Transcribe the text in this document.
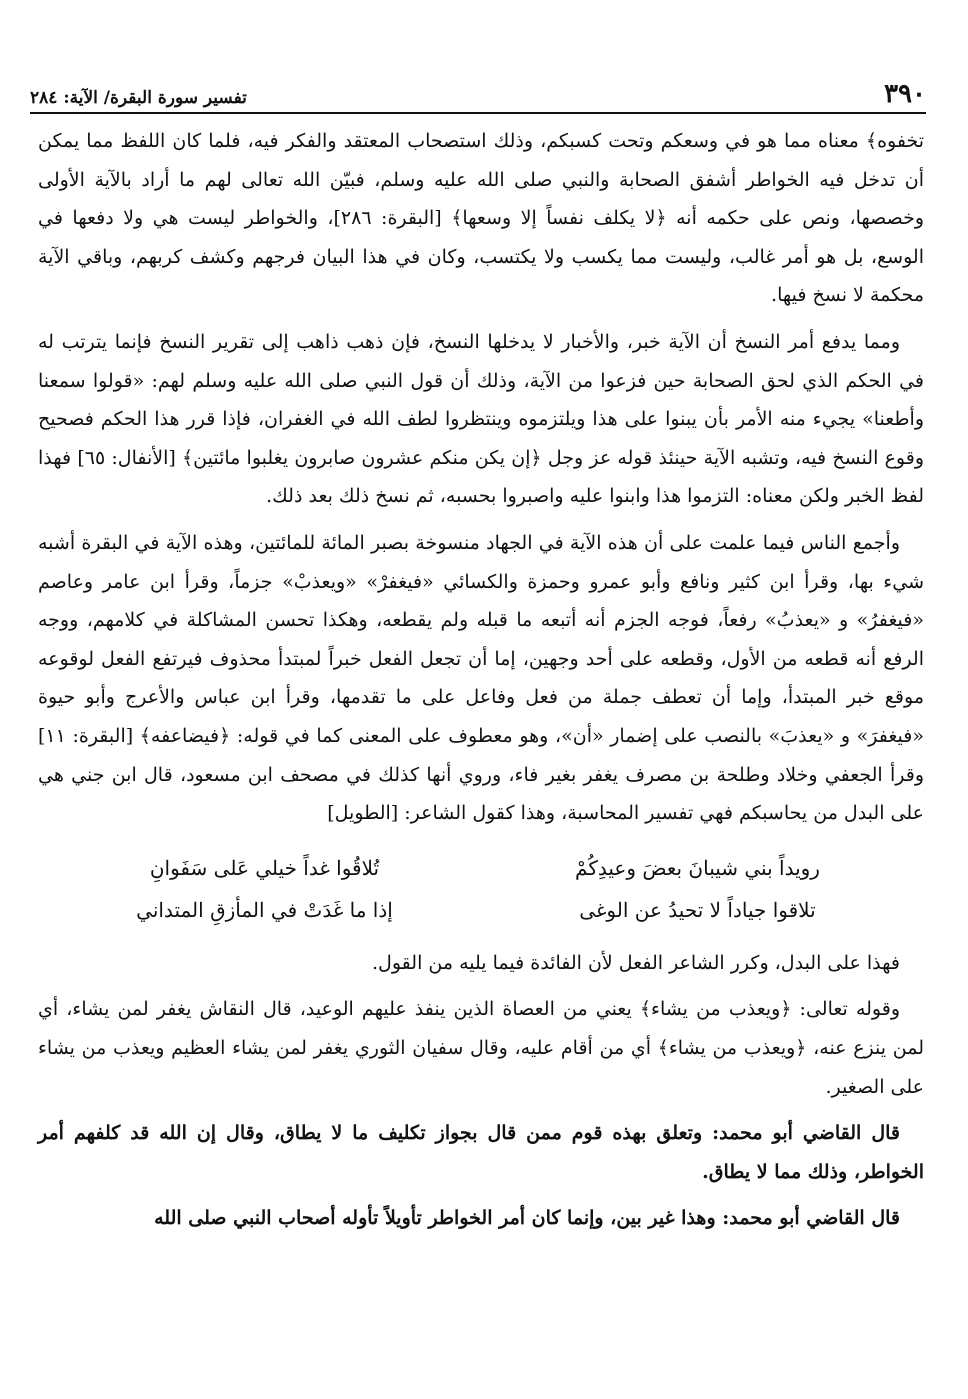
٣٩٠
تفسير سورة البقرة/ الآية: ٢٨٤

تخفوه﴾ معناه مما هو في وسعكم وتحت كسبكم، وذلك استصحاب المعتقد والفكر فيه، فلما كان اللفظ مما يمكن أن تدخل فيه الخواطر أشفق الصحابة والنبي صلى الله عليه وسلم، فبيّن الله تعالى لهم ما أراد بالآية الأولى وخصصها، ونص على حكمه أنه ﴿لا يكلف نفساً إلا وسعها﴾ [البقرة: ٢٨٦]، والخواطر ليست هي ولا دفعها في الوسع، بل هو أمر غالب، وليست مما يكسب ولا يكتسب، وكان في هذا البيان فرجهم وكشف كربهم، وباقي الآية محكمة لا نسخ فيها.

ومما يدفع أمر النسخ أن الآية خبر، والأخبار لا يدخلها النسخ، فإن ذهب ذاهب إلى تقرير النسخ فإنما يترتب له في الحكم الذي لحق الصحابة حين فزعوا من الآية، وذلك أن قول النبي صلى الله عليه وسلم لهم: «قولوا سمعنا وأطعنا» يجيء منه الأمر بأن يبنوا على هذا ويلتزموه وينتظروا لطف الله في الغفران، فإذا قرر هذا الحكم فصحيح وقوع النسخ فيه، وتشبه الآية حينئذ قوله عز وجل ﴿إن يكن منكم عشرون صابرون يغلبوا مائتين﴾ [الأنفال: ٦٥] فهذا لفظ الخبر ولكن معناه: التزموا هذا وابنوا عليه واصبروا بحسبه، ثم نسخ ذلك بعد ذلك.

وأجمع الناس فيما علمت على أن هذه الآية في الجهاد منسوخة بصبر المائة للمائتين، وهذه الآية في البقرة أشبه شيء بها، وقرأ ابن كثير ونافع وأبو عمرو وحمزة والكسائي «فيغفرْ» «ويعذبْ» جزماً، وقرأ ابن عامر وعاصم «فيغفرُ» و «يعذبُ» رفعاً، فوجه الجزم أنه أتبعه ما قبله ولم يقطعه، وهكذا تحسن المشاكلة في كلامهم، ووجه الرفع أنه قطعه من الأول، وقطعه على أحد وجهين، إما أن تجعل الفعل خبراً لمبتدأ محذوف فيرتفع الفعل لوقوعه موقع خبر المبتدأ، وإما أن تعطف جملة من فعل وفاعل على ما تقدمها، وقرأ ابن عباس والأعرج وأبو حيوة «فيغفرَ» و «يعذبَ» بالنصب على إضمار «أن»، وهو معطوف على المعنى كما في قوله: ﴿فيضاعفه﴾ [البقرة: ١١] وقرأ الجعفي وخلاد وطلحة بن مصرف يغفر بغير فاء، وروي أنها كذلك في مصحف ابن مسعود، قال ابن جني هي على البدل من يحاسبكم فهي تفسير المحاسبة، وهذا كقول الشاعر: [الطويل]

رويداً بني شيبانَ بعضَ وعيدِكُمْ
تُلاقُوا غداً خيلي عَلى سَفَوانِ
تلاقوا جياداً لا تحيدُ عن الوغى
إذا ما غَدَتْ في المأزقِ المتداني

فهذا على البدل، وكرر الشاعر الفعل لأن الفائدة فيما يليه من القول.

وقوله تعالى: ﴿ويعذب من يشاء﴾ يعني من العصاة الذين ينفذ عليهم الوعيد، قال النقاش يغفر لمن يشاء، أي لمن ينزع عنه، ﴿ويعذب من يشاء﴾ أي من أقام عليه، وقال سفيان الثوري يغفر لمن يشاء العظيم ويعذب من يشاء على الصغير.

قال القاضي أبو محمد: وتعلق بهذه قوم ممن قال بجواز تكليف ما لا يطاق، وقال إن الله قد كلفهم أمر الخواطر، وذلك مما لا يطاق.

قال القاضي أبو محمد: وهذا غير بين، وإنما كان أمر الخواطر تأويلاً تأوله أصحاب النبي صلى الله
